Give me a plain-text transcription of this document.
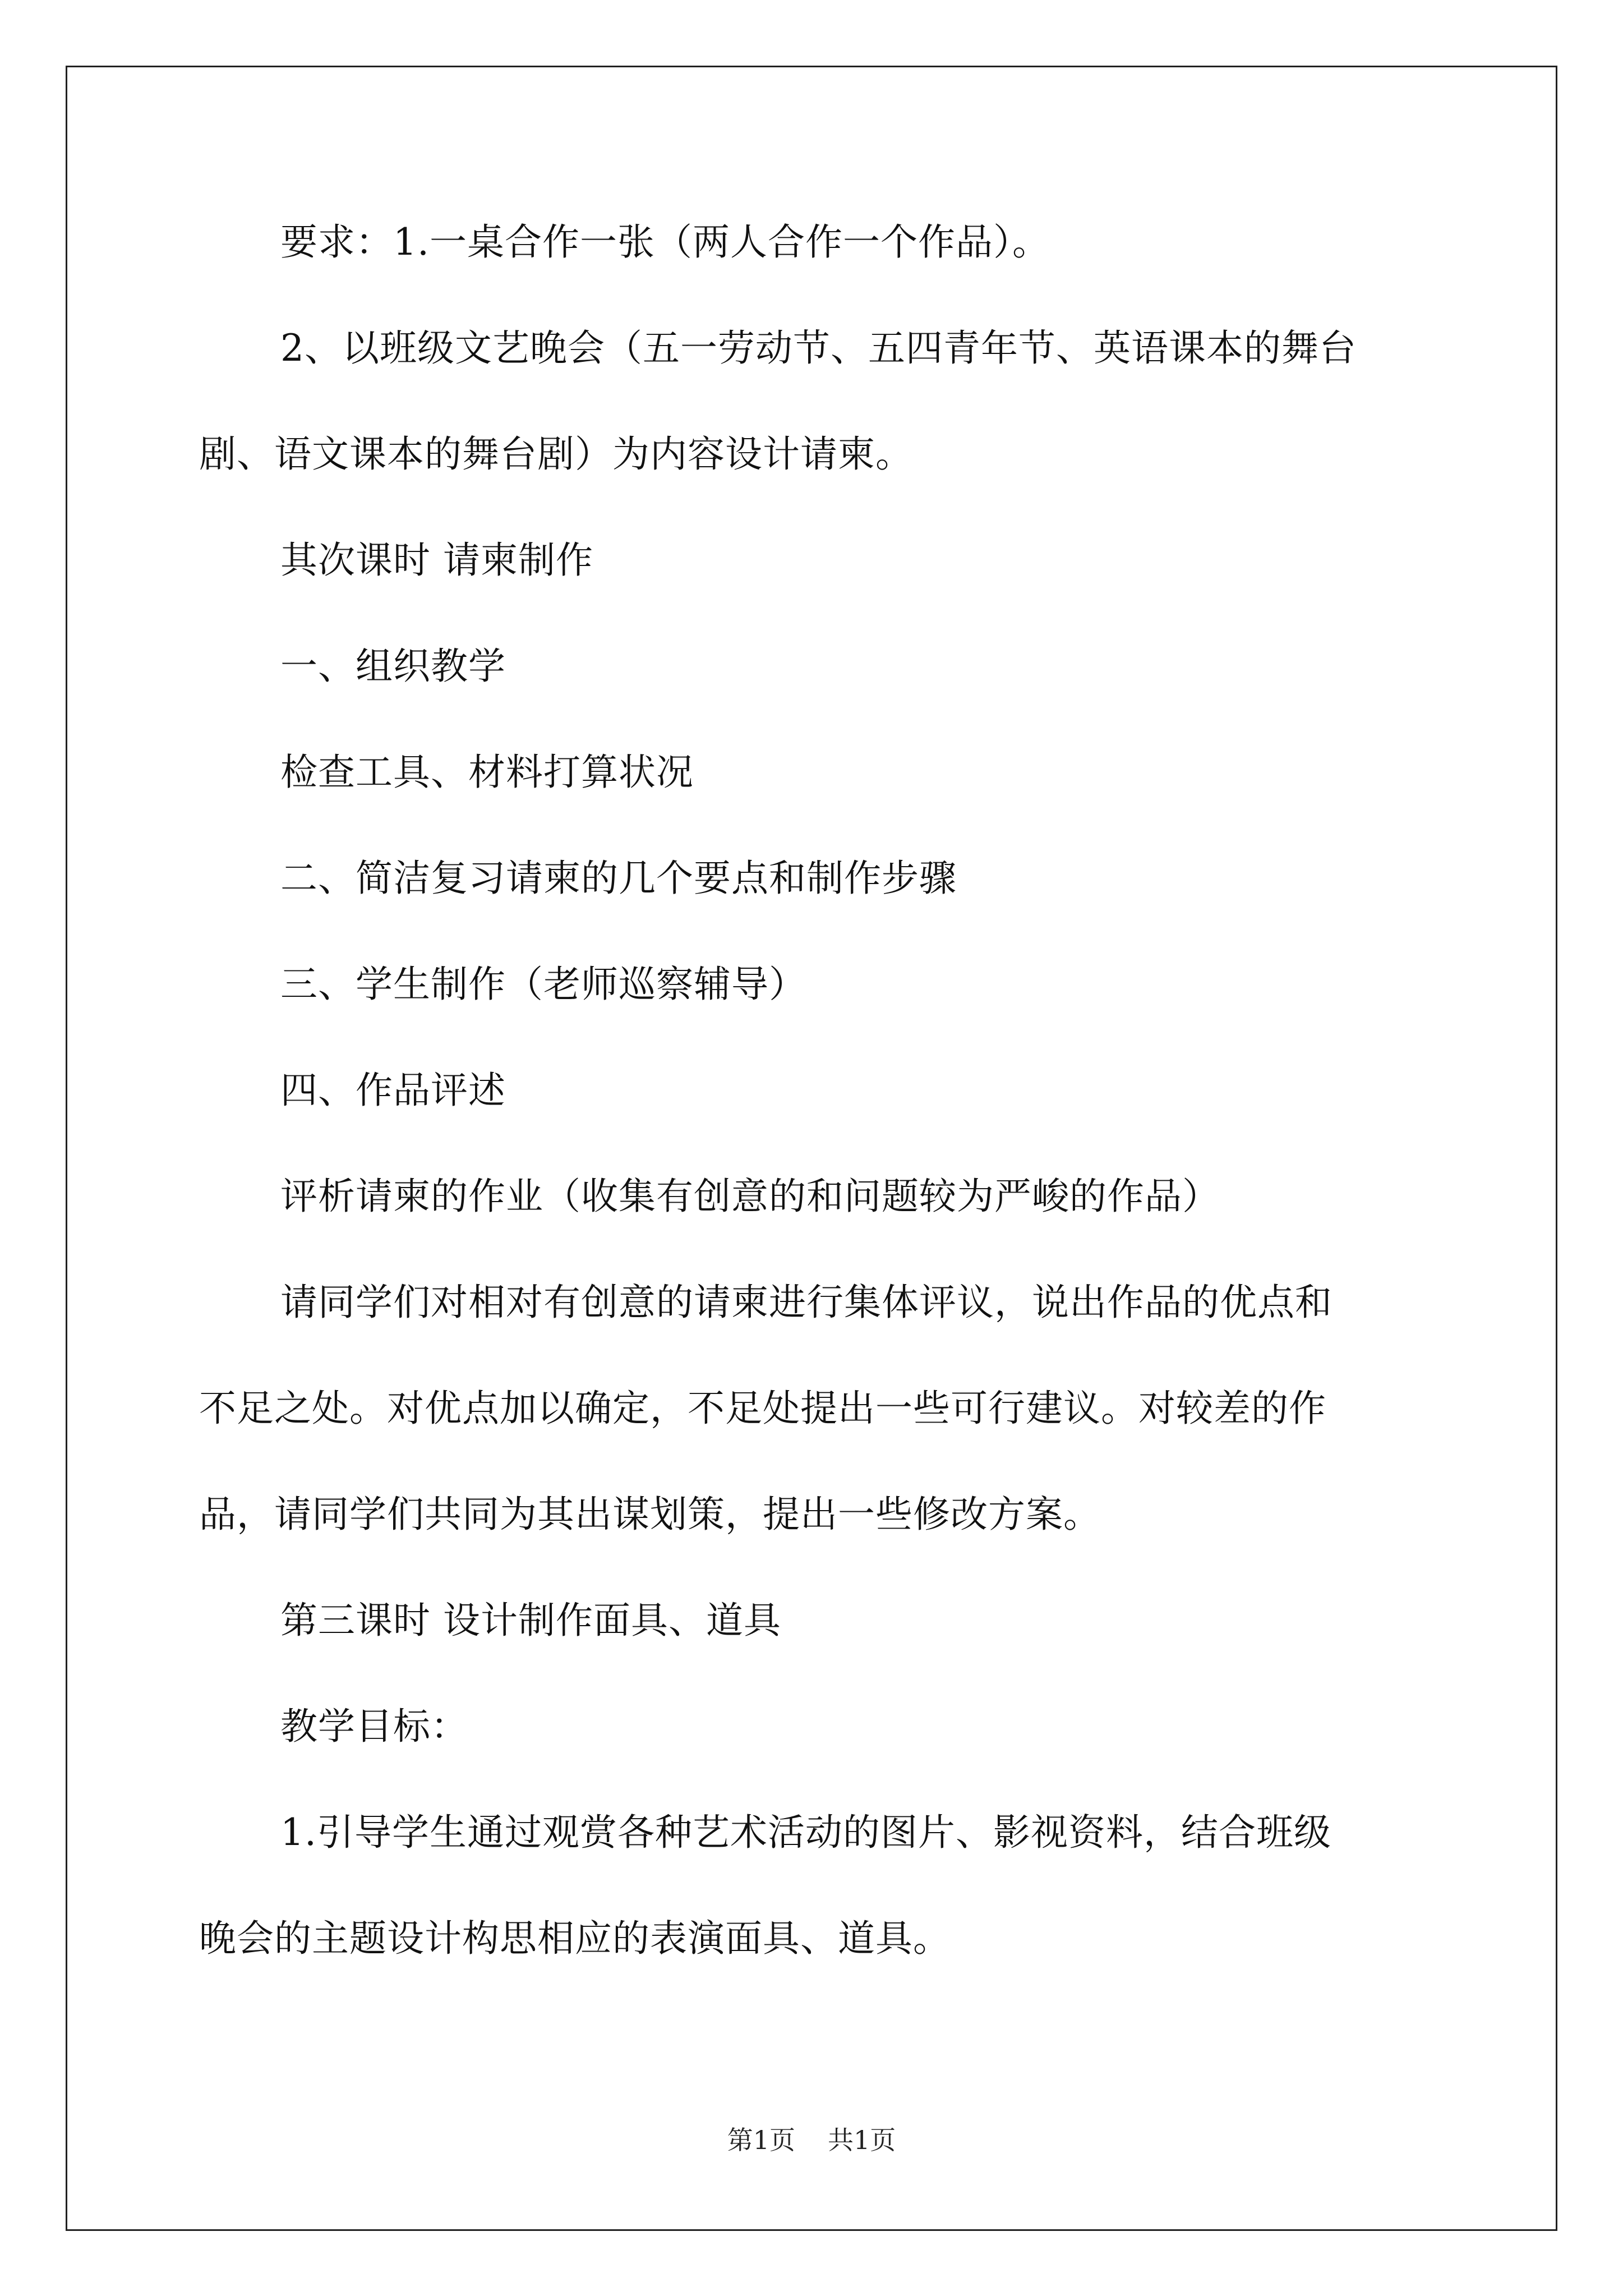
要求：1.一桌合作一张（两人合作一个作品）。
2、以班级文艺晚会（五一劳动节、五四青年节、英语课本的舞台
剧、语文课本的舞台剧）为内容设计请柬。
其次课时 请柬制作
一、组织教学
检查工具、材料打算状况
二、简洁复习请柬的几个要点和制作步骤
三、学生制作（老师巡察辅导）
四、作品评述
评析请柬的作业（收集有创意的和问题较为严峻的作品）
请同学们对相对有创意的请柬进行集体评议，说出作品的优点和
不足之处。对优点加以确定，不足处提出一些可行建议。对较差的作
品，请同学们共同为其出谋划策，提出一些修改方案。
第三课时 设计制作面具、道具
教学目标：
1.引导学生通过观赏各种艺术活动的图片、影视资料，结合班级
晚会的主题设计构思相应的表演面具、道具。
第1页 共1页
